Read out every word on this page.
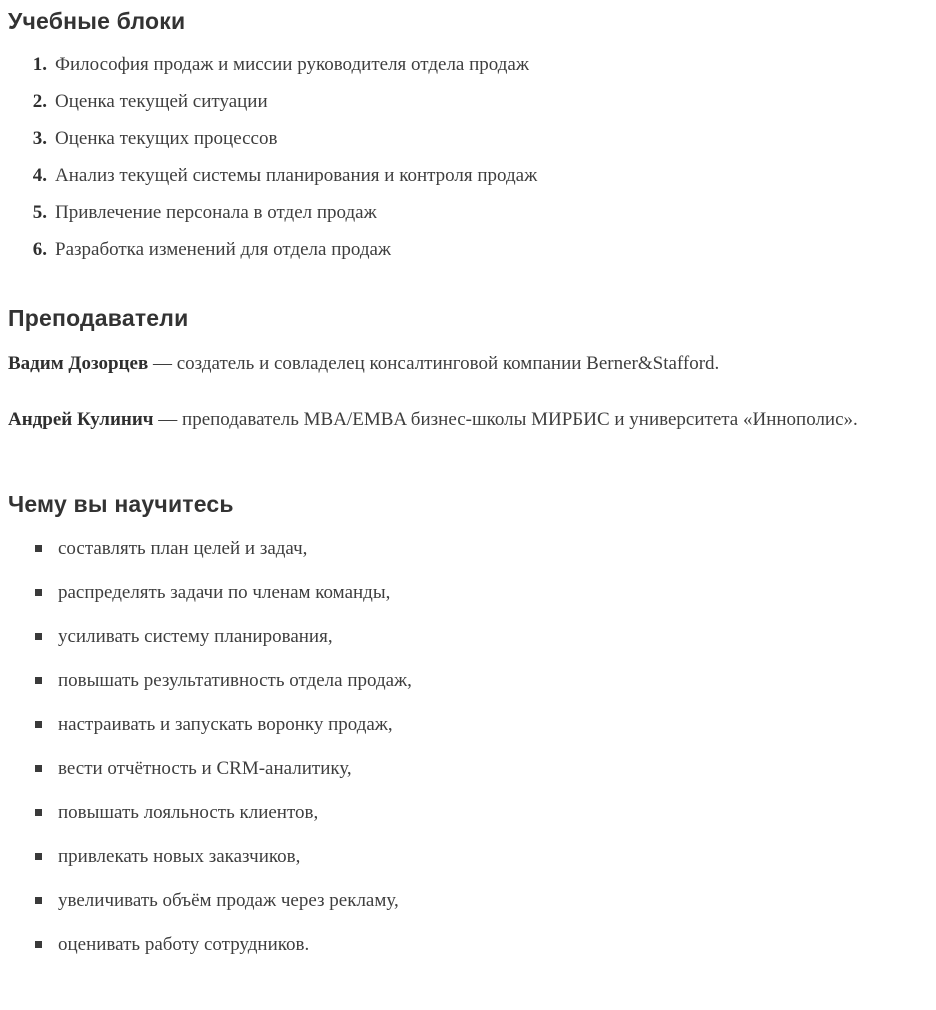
Учебные блоки
1. Философия продаж и миссии руководителя отдела продаж
2. Оценка текущей ситуации
3. Оценка текущих процессов
4. Анализ текущей системы планирования и контроля продаж
5. Привлечение персонала в отдел продаж
6. Разработка изменений для отдела продаж
Преподаватели

Вадим Дозорцев — создатель и совладелец консалтинговой компании Berner&Stafford.

Андрей Кулинич — преподаватель MBA/EMBA бизнес-школы МИРБИС и университета «Иннополис».

Чему вы научитесь
составлять план целей и задач,
распределять задачи по членам команды,
усиливать систему планирования,
повышать результативность отдела продаж,
настраивать и запускать воронку продаж,
вести отчётность и CRM-аналитику,
повышать лояльность клиентов,
привлекать новых заказчиков,
увеличивать объём продаж через рекламу,
оценивать работу сотрудников.
